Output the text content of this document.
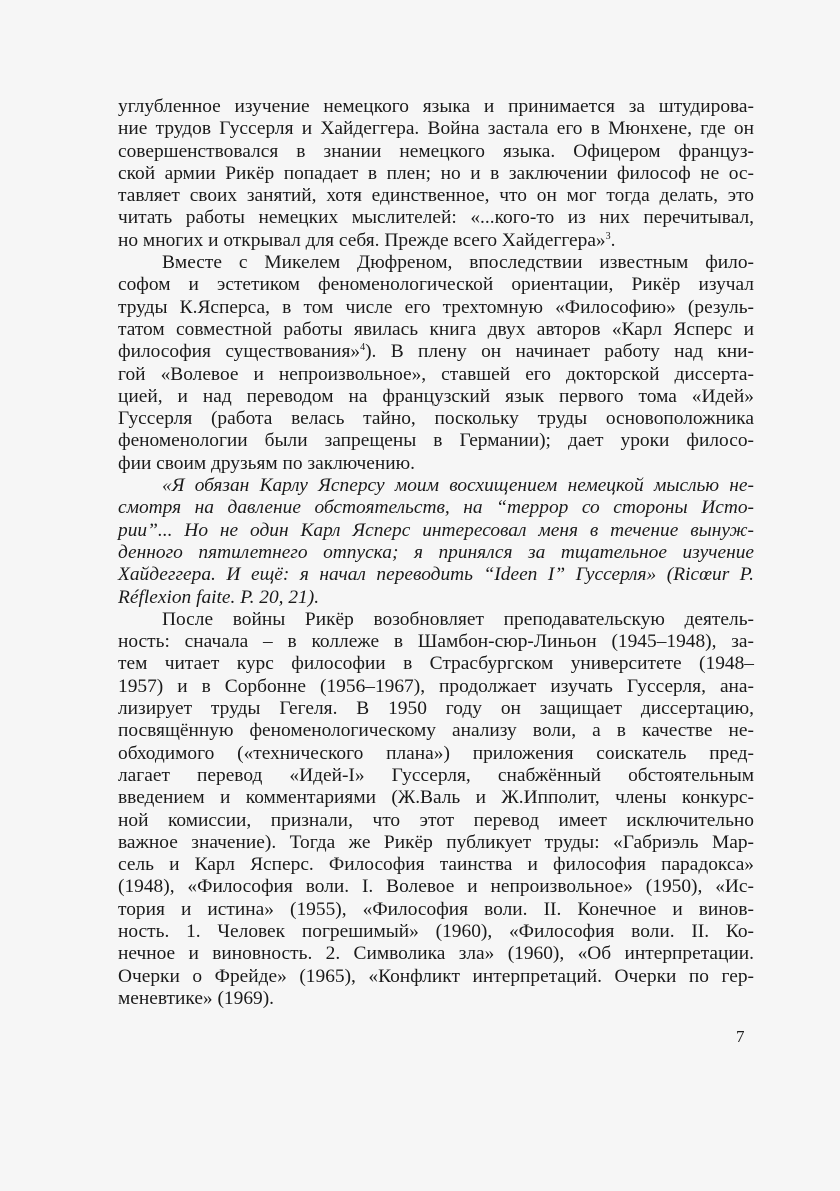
углубленное изучение немецкого языка и принимается за штудирова-
ние трудов Гуссерля и Хайдеггера. Война застала его в Мюнхене, где он
совершенствовался в знании немецкого языка. Офицером француз-
ской армии Рикёр попадает в плен; но и в заключении философ не ос-
тавляет своих занятий, хотя единственное, что он мог тогда делать, это
читать работы немецких мыслителей: «...кого-то из них перечитывал,
но многих и открывал для себя. Прежде всего Хайдеггера»$^3$.

Вместе с Микелем Дюфреном, впоследствии известным фило-
софом и эстетиком феноменологической ориентации, Рикёр изучал
труды К.Ясперса, в том числе его трехтомную «Философию» (резуль-
татом совместной работы явилась книга двух авторов «Карл Ясперс и
философия существования»$^4$). В плену он начинает работу над кни-
гой «Волевое и непроизвольное», ставшей его докторской диссерта-
цией, и над переводом на французский язык первого тома «Идей»
Гуссерля (работа велась тайно, поскольку труды основоположника
феноменологии были запрещены в Германии); дает уроки филосо-
фии своим друзьям по заключению.

«Я обязан Карлу Ясперсу моим восхищением немецкой мыслью не-
смотря на давление обстоятельств, на “террор со стороны Исто-
рии”... Но не один Карл Ясперс интересовал меня в течение вынуж-
денного пятилетнего отпуска; я принялся за тщательное изучение
Хайдеггера. И ещё: я начал переводить “Ideen I” Гуссерля» (Ricœur P.
Réflexion faite. P. 20, 21).

После войны Рикёр возобновляет преподавательскую деятель-
ность: сначала – в коллеже в Шамбон-сюр-Линьон (1945–1948), за-
тем читает курс философии в Страсбургском университете (1948–
1957) и в Сорбонне (1956–1967), продолжает изучать Гуссерля, ана-
лизирует труды Гегеля. В 1950 году он защищает диссертацию,
посвящённую феноменологическому анализу воли, а в качестве не-
обходимого («технического плана») приложения соискатель пред-
лагает перевод «Идей-I» Гуссерля, снабжённый обстоятельным
введением и комментариями (Ж.Валь и Ж.Ипполит, члены конкурс-
ной комиссии, признали, что этот перевод имеет исключительно
важное значение). Тогда же Рикёр публикует труды: «Габриэль Мар-
сель и Карл Ясперс. Философия таинства и философия парадокса»
(1948), «Философия воли. I. Волевое и непроизвольное» (1950), «Ис-
тория и истина» (1955), «Философия воли. II. Конечное и винов-
ность. 1. Человек погрешимый» (1960), «Философия воли. II. Ко-
нечное и виновность. 2. Символика зла» (1960), «Об интерпретации.
Очерки о Фрейде» (1965), «Конфликт интерпретаций. Очерки по гер-
меневтике» (1969).

7
